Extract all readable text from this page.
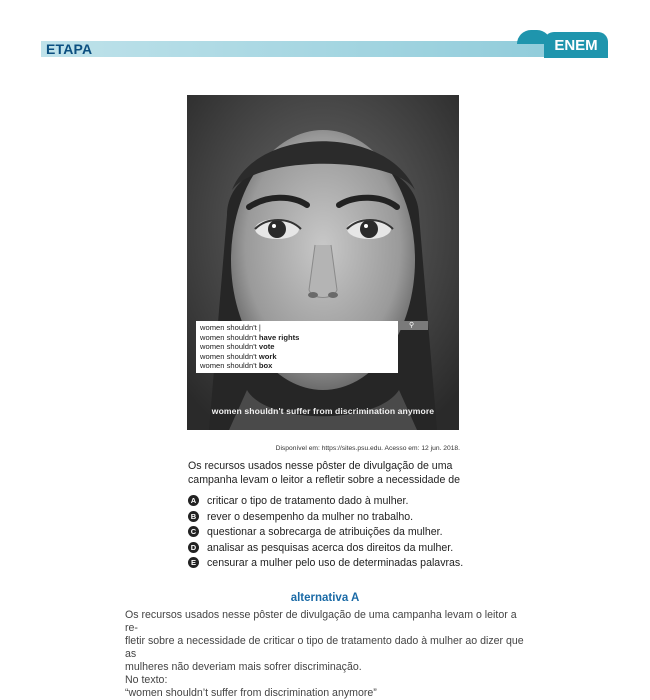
ETAPA	ENEM
women shouldn't |
women shouldn't have rights
women shouldn't vote
women shouldn't work
women shouldn't box
⚲
women shouldn't suffer from discrimination anymore
Disponível em: https://sites.psu.edu. Acesso em: 12 jun. 2018.
Os recursos usados nesse pôster de divulgação de uma campanha levam o leitor a refletir sobre a necessidade de
A criticar o tipo de tratamento dado à mulher.
B rever o desempenho da mulher no trabalho.
C questionar a sobrecarga de atribuições da mulher.
D analisar as pesquisas acerca dos direitos da mulher.
E censurar a mulher pelo uso de determinadas palavras.
alternativa A

Os recursos usados nesse pôster de divulgação de uma campanha levam o leitor a re-

fletir sobre a necessidade de criticar o tipo de tratamento dado à mulher ao dizer que as

mulheres não deveriam mais sofrer discriminação.

No texto:

“women shouldn’t suffer from discrimination anymore”
